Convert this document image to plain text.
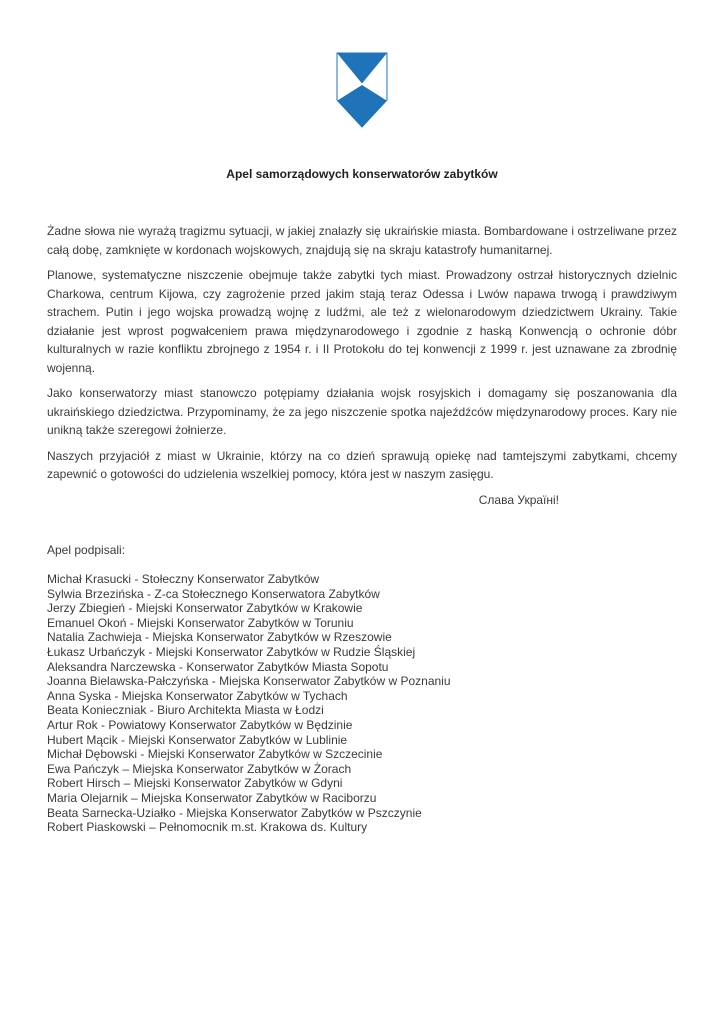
Apel samorządowych konserwatorów zabytków

Żadne słowa nie wyrażą tragizmu sytuacji, w jakiej znalazły się ukraińskie miasta. Bombardowane i ostrzeliwane przez całą dobę, zamknięte w kordonach wojskowych, znajdują się na skraju katastrofy humanitarnej.

Planowe, systematyczne niszczenie obejmuje także zabytki tych miast. Prowadzony ostrzał historycznych dzielnic Charkowa, centrum Kijowa, czy zagrożenie przed jakim stają teraz Odessa i Lwów napawa trwogą i prawdziwym strachem. Putin i jego wojska prowadzą wojnę z ludźmi, ale też z wielonarodowym dziedzictwem Ukrainy. Takie działanie jest wprost pogwałceniem prawa międzynarodowego i zgodnie z haską Konwencją o ochronie dóbr kulturalnych w razie konfliktu zbrojnego z 1954 r. i II Protokołu do tej konwencji z 1999 r. jest uznawane za zbrodnię wojenną.

Jako konserwatorzy miast stanowczo potępiamy działania wojsk rosyjskich i domagamy się poszanowania dla ukraińskiego dziedzictwa. Przypominamy, że za jego niszczenie spotka najeźdźców międzynarodowy proces. Kary nie unikną także szeregowi żołnierze.

Naszych przyjaciół z miast w Ukrainie, którzy na co dzień sprawują opiekę nad tamtejszymi zabytkami, chcemy zapewnić o gotowości do udzielenia wszelkiej pomocy, która jest w naszym zasięgu.

Слава Україні!

Apel podpisali:

Michał Krasucki - Stołeczny Konserwator Zabytków
Sylwia Brzezińska - Z-ca Stołecznego Konserwatora Zabytków
Jerzy Zbiegień - Miejski Konserwator Zabytków w Krakowie
Emanuel Okoń - Miejski Konserwator Zabytków w Toruniu
Natalia Zachwieja - Miejska Konserwator Zabytków w Rzeszowie
Łukasz Urbańczyk - Miejski Konserwator Zabytków w Rudzie Śląskiej
Aleksandra Narczewska - Konserwator Zabytków Miasta Sopotu
Joanna Bielawska-Pałczyńska - Miejska Konserwator Zabytków w Poznaniu
Anna Syska - Miejska Konserwator Zabytków w Tychach
Beata Konieczniak - Biuro Architekta Miasta w Łodzi
Artur Rok - Powiatowy Konserwator Zabytków w Będzinie
Hubert Mącik - Miejski Konserwator Zabytków w Lublinie
Michał Dębowski - Miejski Konserwator Zabytków w Szczecinie
Ewa Pańczyk – Miejska Konserwator Zabytków w Żorach
Robert Hirsch – Miejski Konserwator Zabytków w Gdyni
Maria Olejarnik – Miejska Konserwator Zabytków w Raciborzu
Beata Sarnecka-Uziałko - Miejska Konserwator Zabytków w Pszczynie
Robert Piaskowski – Pełnomocnik m.st. Krakowa ds. Kultury
